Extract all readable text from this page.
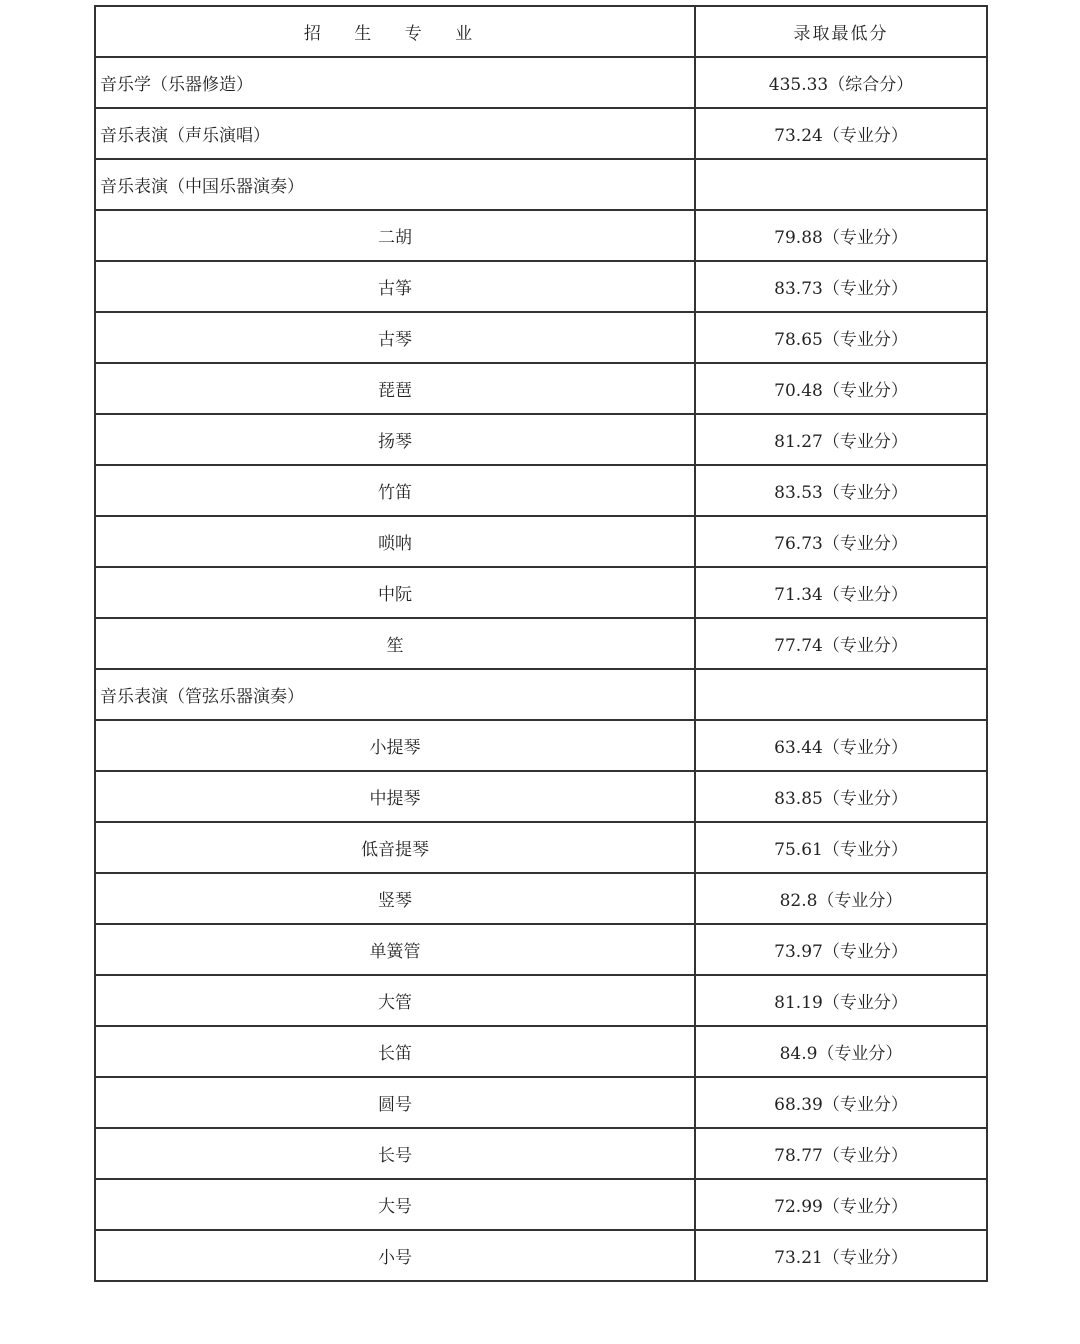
招 生 专 业	录取最低分
音乐学（乐器修造）	435.33（综合分）
音乐表演（声乐演唱）	73.24（专业分）
音乐表演（中国乐器演奏）	
二胡	79.88（专业分）
古筝	83.73（专业分）
古琴	78.65（专业分）
琵琶	70.48（专业分）
扬琴	81.27（专业分）
竹笛	83.53（专业分）
唢呐	76.73（专业分）
中阮	71.34（专业分）
笙	77.74（专业分）
音乐表演（管弦乐器演奏）	
小提琴	63.44（专业分）
中提琴	83.85（专业分）
低音提琴	75.61（专业分）
竖琴	82.8（专业分）
单簧管	73.97（专业分）
大管	81.19（专业分）
长笛	84.9（专业分）
圆号	68.39（专业分）
长号	78.77（专业分）
大号	72.99（专业分）
小号	73.21（专业分）
